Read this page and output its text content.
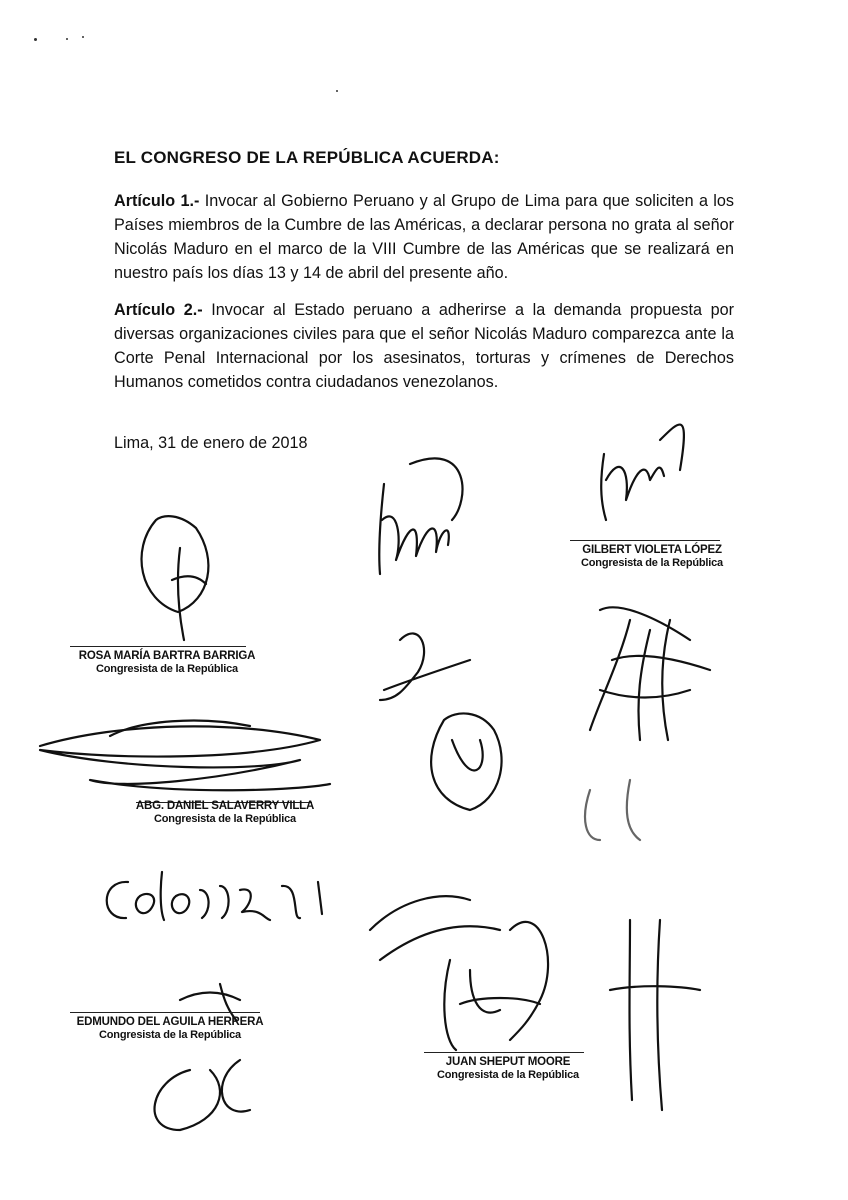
EL CONGRESO DE LA REPÚBLICA ACUERDA:
Artículo 1.- Invocar al Gobierno Peruano y al Grupo de Lima para que soliciten a los Países miembros de la Cumbre de las Américas, a declarar persona no grata al señor Nicolás Maduro en el marco de la VIII Cumbre de las Américas que se realizará en nuestro país los días 13 y 14 de abril del presente año.
Artículo 2.- Invocar al Estado peruano a adherirse a la demanda propuesta por diversas organizaciones civiles para que el señor Nicolás Maduro comparezca ante la Corte Penal Internacional por los asesinatos, torturas y crímenes de Derechos Humanos cometidos contra ciudadanos venezolanos.
Lima, 31 de enero de 2018
GILBERT VIOLETA LÓPEZ
Congresista de la República
ROSA MARÍA BARTRA BARRIGA
Congresista de la República
ABG. DANIEL SALAVERRY VILLA
Congresista de la República
EDMUNDO DEL AGUILA HERRERA
Congresista de la República
JUAN SHEPUT MOORE
Congresista de la República
